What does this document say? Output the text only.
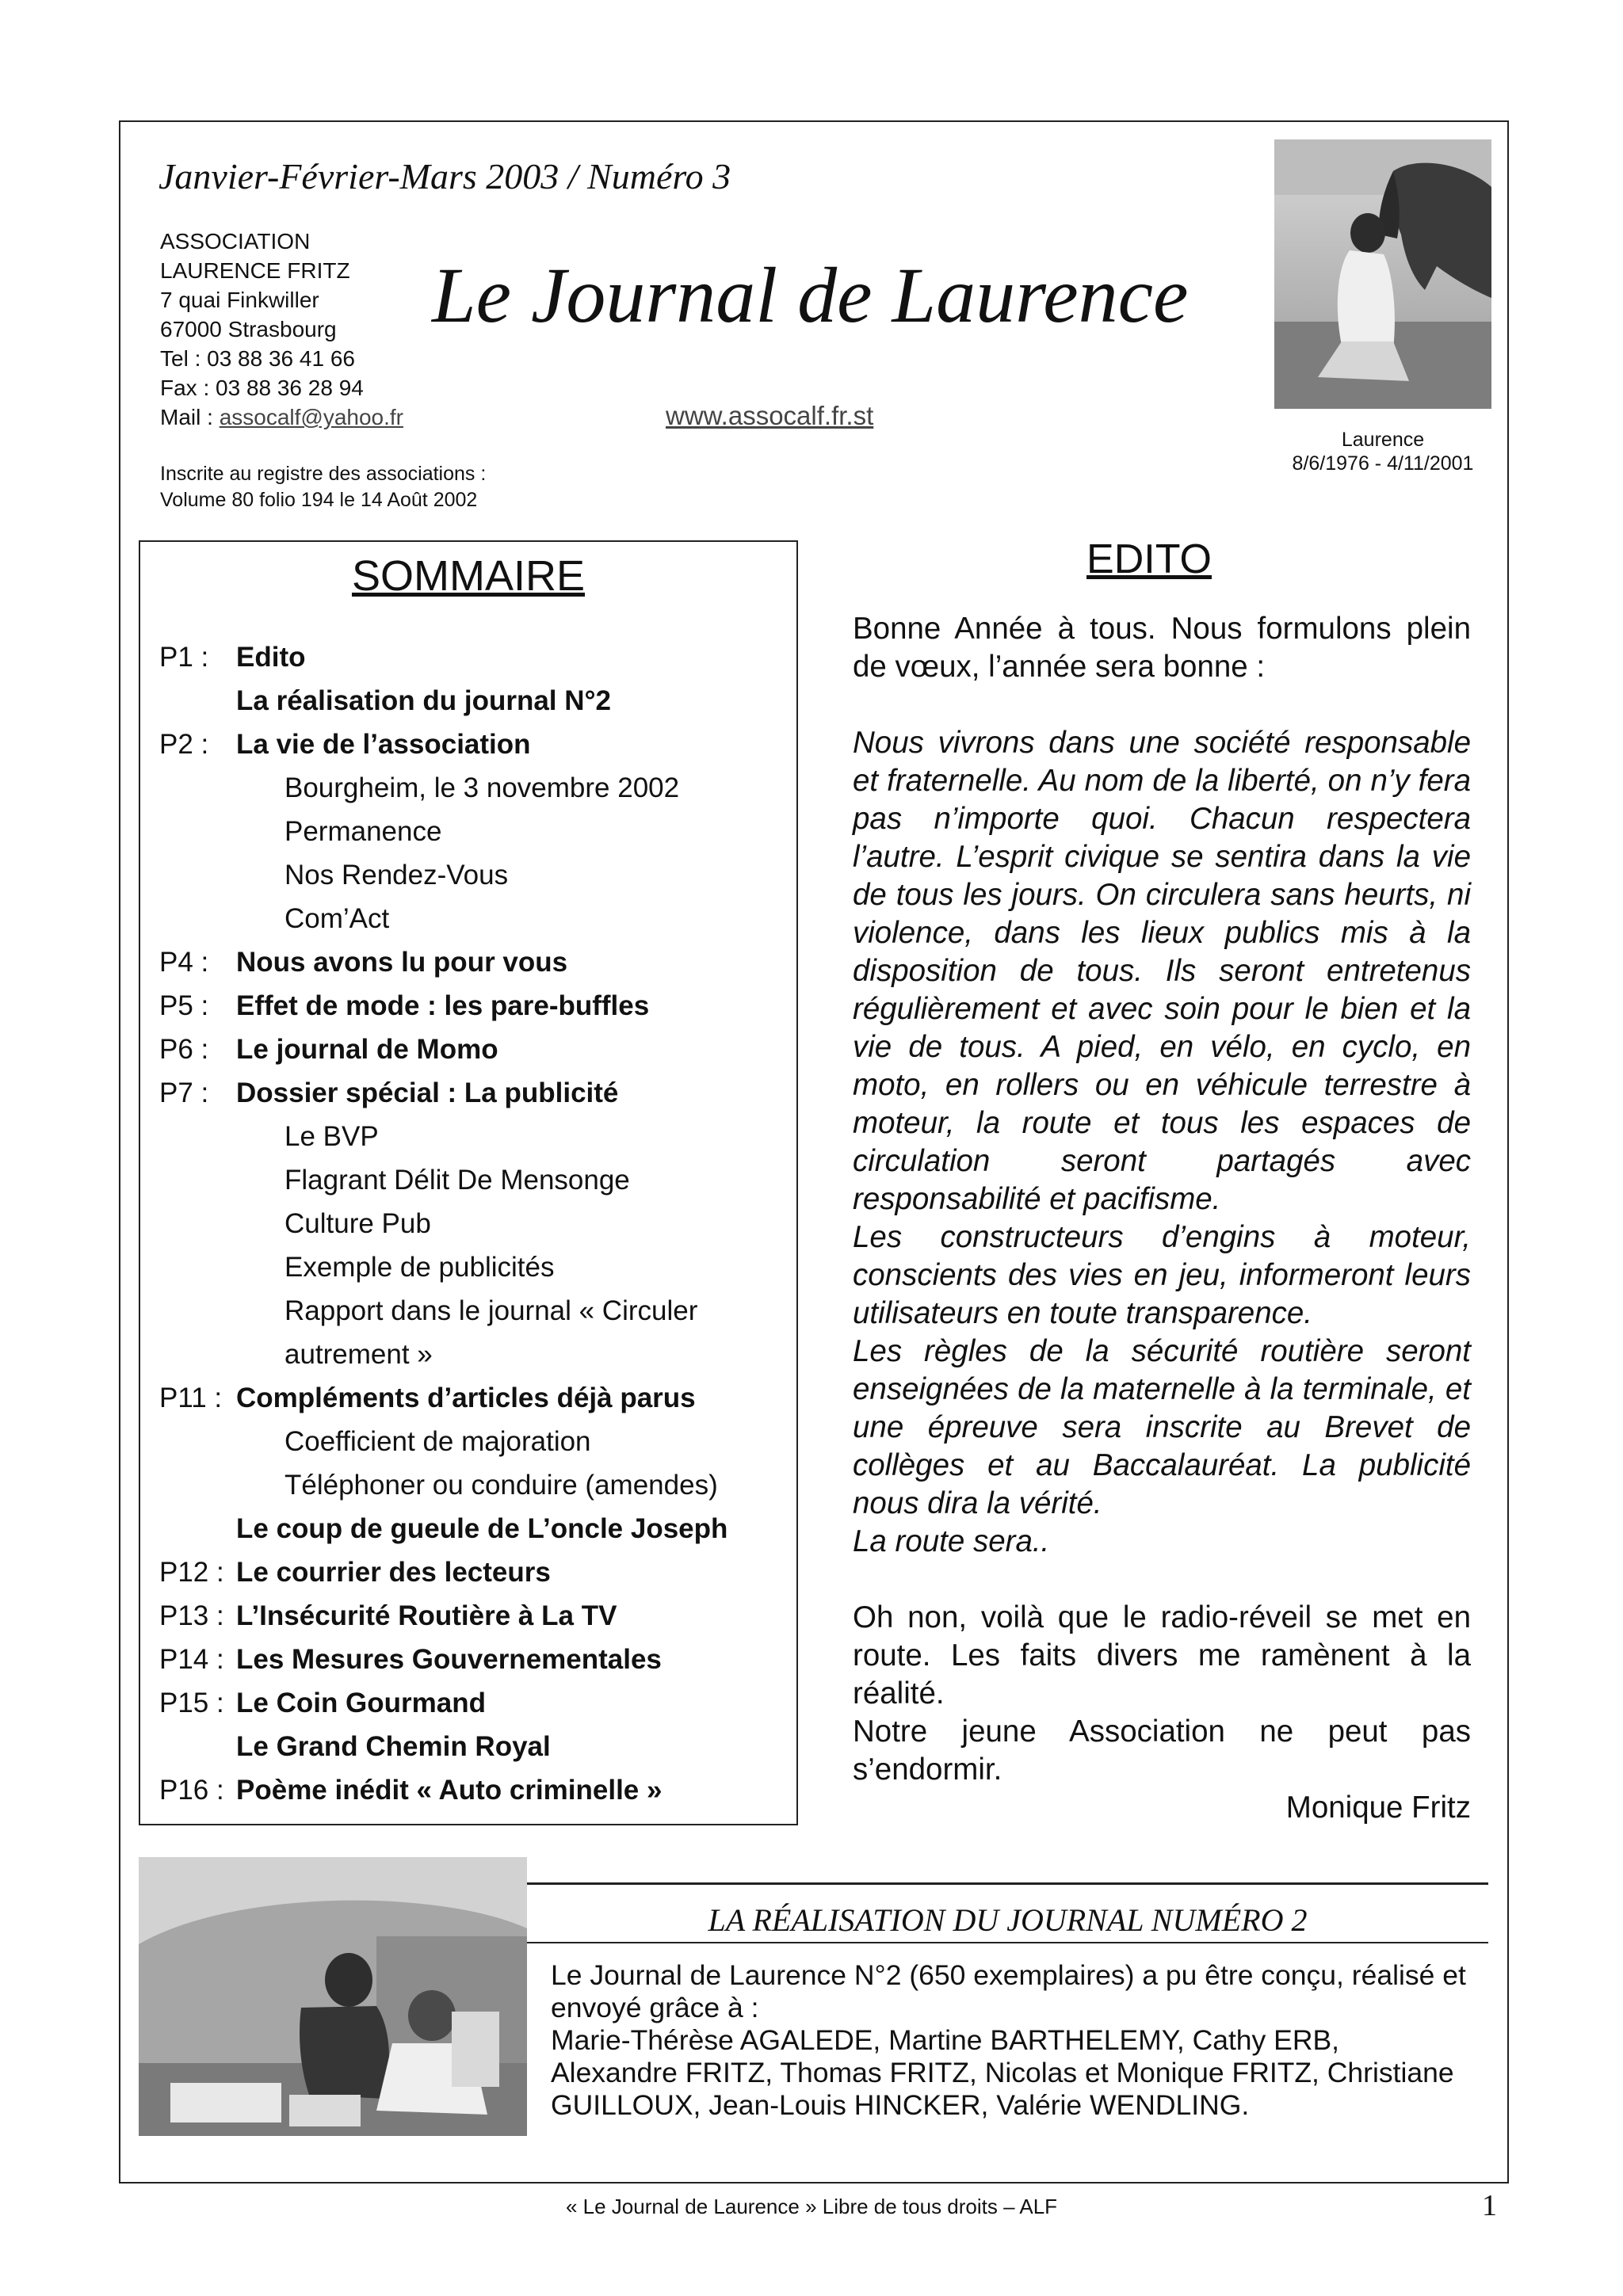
Janvier-Février-Mars 2003 / Numéro 3
ASSOCIATION
LAURENCE FRITZ
7 quai Finkwiller
67000 Strasbourg
Tel : 03 88 36 41 66
Fax : 03 88 36 28 94
Mail : assocalf@yahoo.fr
Le Journal de Laurence
www.assocalf.fr.st
Inscrite au registre des associations :
Volume 80 folio 194 le 14 Août 2002
Laurence
8/6/1976 - 4/11/2001
SOMMAIRE
P1 : Edito
La réalisation du journal N°2
P2 : La vie de l’association
Bourgheim, le 3 novembre 2002
Permanence
Nos Rendez-Vous
Com’Act
P4 : Nous avons lu pour vous
P5 : Effet de mode : les pare-buffles
P6 : Le journal de Momo
P7 : Dossier spécial : La publicité
Le BVP
Flagrant Délit De Mensonge
Culture Pub
Exemple de publicités
Rapport dans le journal « Circuler
autrement »
P11 : Compléments d’articles déjà parus
Coefficient de majoration
Téléphoner ou conduire (amendes)
Le coup de gueule de L’oncle Joseph
P12 : Le courrier des lecteurs
P13 : L’Insécurité Routière à La TV
P14 : Les Mesures Gouvernementales
P15 : Le Coin Gourmand
Le Grand Chemin Royal
P16 : Poème inédit « Auto criminelle »
EDITO

Bonne Année à tous. Nous formulons plein de vœux, l’année sera bonne :

Nous vivrons dans une société responsable et fraternelle. Au nom de la liberté, on n’y fera pas n’importe quoi. Chacun respectera l’autre. L’esprit civique se sentira dans la vie de tous les jours. On circulera sans heurts, ni violence, dans les lieux publics mis à la disposition de tous. Ils seront entretenus régulièrement et avec soin pour le bien et la vie de tous. A pied, en vélo, en cyclo, en moto, en rollers ou en véhicule terrestre à moteur, la route et tous les espaces de circulation seront partagés avec responsabilité et pacifisme.

Les constructeurs d’engins à moteur, conscients des vies en jeu, informeront leurs utilisateurs en toute transparence.

Les règles de la sécurité routière seront enseignées de la maternelle à la terminale, et une épreuve sera inscrite au Brevet de collèges et au Baccalauréat. La publicité nous dira la vérité.

La route sera..

Oh non, voilà que le radio-réveil se met en route. Les faits divers me ramènent à la réalité.

Notre jeune Association ne peut pas s’endormir.

Monique Fritz

LA RÉALISATION DU JOURNAL NUMÉRO 2

Le Journal de Laurence N°2 (650 exemplaires) a pu être conçu, réalisé et envoyé grâce à :

Marie-Thérèse AGALEDE, Martine BARTHELEMY, Cathy ERB, Alexandre FRITZ, Thomas FRITZ, Nicolas et Monique FRITZ, Christiane GUILLOUX, Jean-Louis HINCKER, Valérie WENDLING.

« Le Journal de Laurence » Libre de tous droits – ALF	1
